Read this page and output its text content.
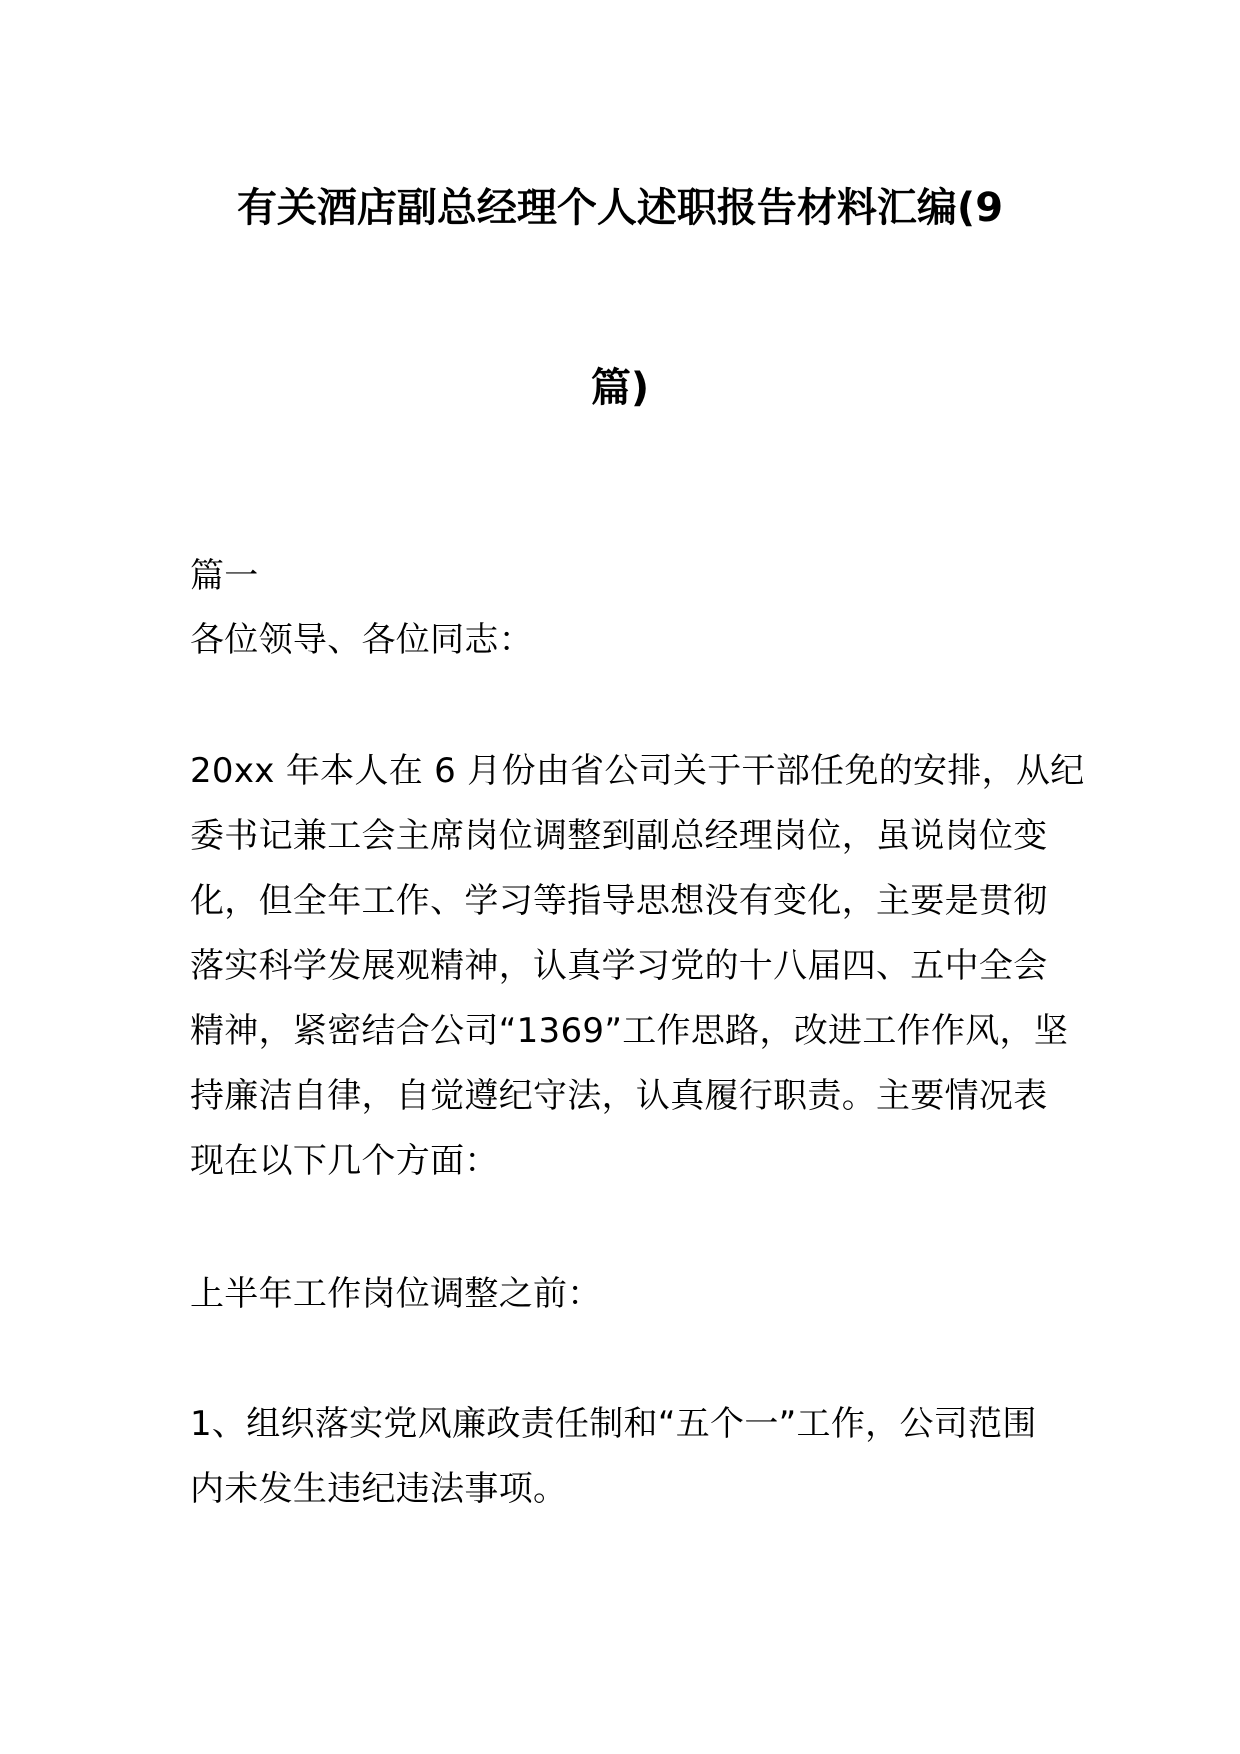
有关酒店副总经理个人述职报告材料汇编(9
篇)
篇一
各位领导、各位同志：
20xx 年本人在 6 月份由省公司关于干部任免的安排，从纪
委书记兼工会主席岗位调整到副总经理岗位，虽说岗位变
化，但全年工作、学习等指导思想没有变化，主要是贯彻
落实科学发展观精神，认真学习党的十八届四、五中全会
精神，紧密结合公司“1369”工作思路，改进工作作风，坚
持廉洁自律，自觉遵纪守法，认真履行职责。主要情况表
现在以下几个方面：
上半年工作岗位调整之前：
1、组织落实党风廉政责任制和“五个一”工作，公司范围
内未发生违纪违法事项。
